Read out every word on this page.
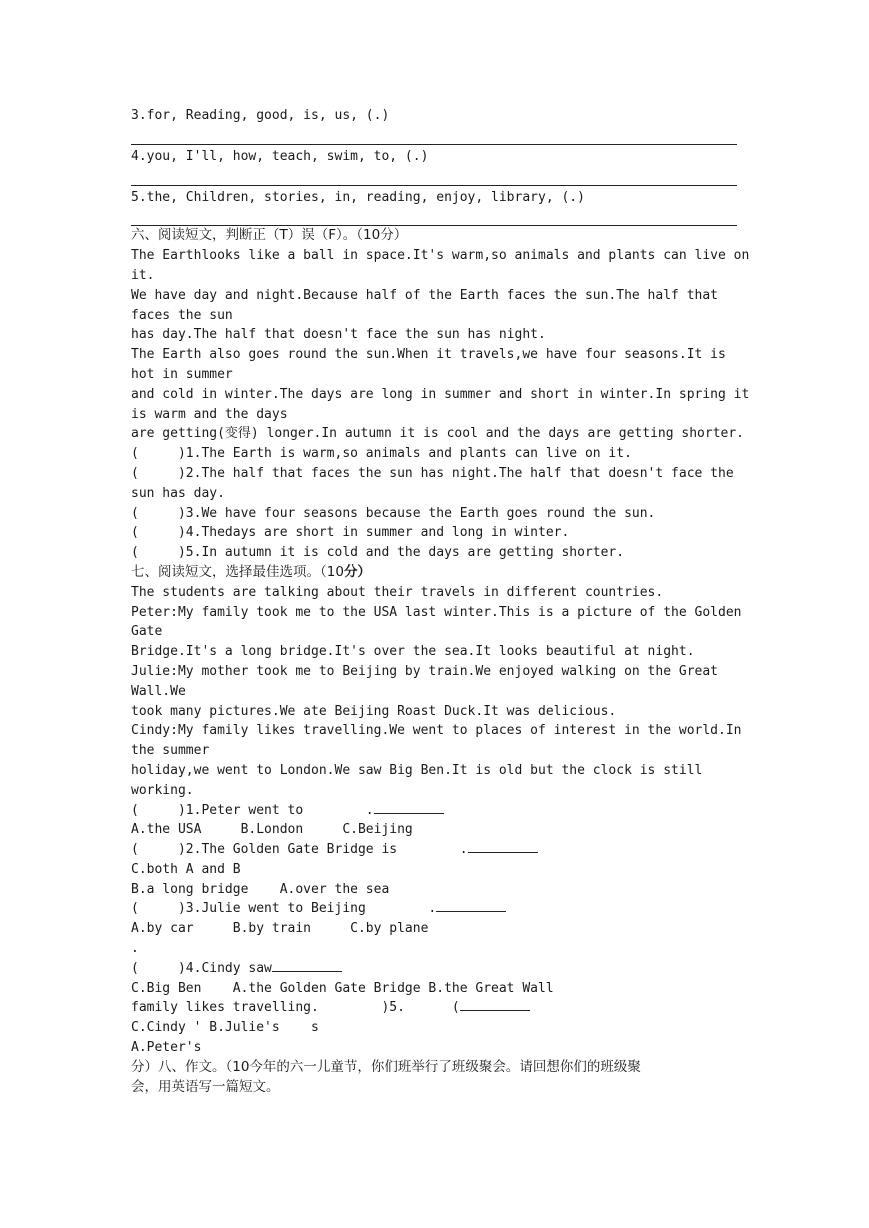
3.for, Reading, good, is, us, (.)
4.you, I'll, how, teach, swim, to, (.)
5.the, Children, stories, in, reading, enjoy, library, (.)
六、阅读短文，判断正（T）误（F）。（10分）
The Earthlooks like a ball in space.It's warm,so animals and plants can live on
it.
We have day and night.Because half of the Earth faces the sun.The half that
faces the sun
has day.The half that doesn't face the sun has night.
The Earth also goes round the sun.When it travels,we have four seasons.It is
hot in summer
and cold in winter.The days are long in summer and short in winter.In spring it
is warm and the days
are getting(变得) longer.In autumn it is cool and the days are getting shorter.
(     )1.The Earth is warm,so animals and plants can live on it.
(     )2.The half that faces the sun has night.The half that doesn't face the
sun has day.
(     )3.We have four seasons because the Earth goes round the sun.
(     )4.Thedays are short in summer and long in winter.
(     )5.In autumn it is cold and the days are getting shorter.
七、阅读短文，选择最佳选项。（10分）
The students are talking about their travels in different countries.
Peter:My family took me to the USA last winter.This is a picture of the Golden
Gate
Bridge.It's a long bridge.It's over the sea.It looks beautiful at night.
Julie:My mother took me to Beijing by train.We enjoyed walking on the Great
Wall.We
took many pictures.We ate Beijing Roast Duck.It was delicious.
Cindy:My family likes travelling.We went to places of interest in the world.In
the summer
holiday,we went to London.We saw Big Ben.It is old but the clock is still
working.
(     )1.Peter went to        .
A.the USA     B.London     C.Beijing
(     )2.The Golden Gate Bridge is        .
C.both A and B
B.a long bridge    A.over the sea
(     )3.Julie went to Beijing        .
A.by car     B.by train     C.by plane
.
(     )4.Cindy saw
C.Big Ben    A.the Golden Gate Bridge B.the Great Wall
family likes travelling.        )5.      (
C.Cindy ' B.Julie's    s
A.Peter's
分）八、作文。（10今年的六一儿童节，你们班举行了班级聚会。请回想你们的班级聚
会，用英语写一篇短文。
